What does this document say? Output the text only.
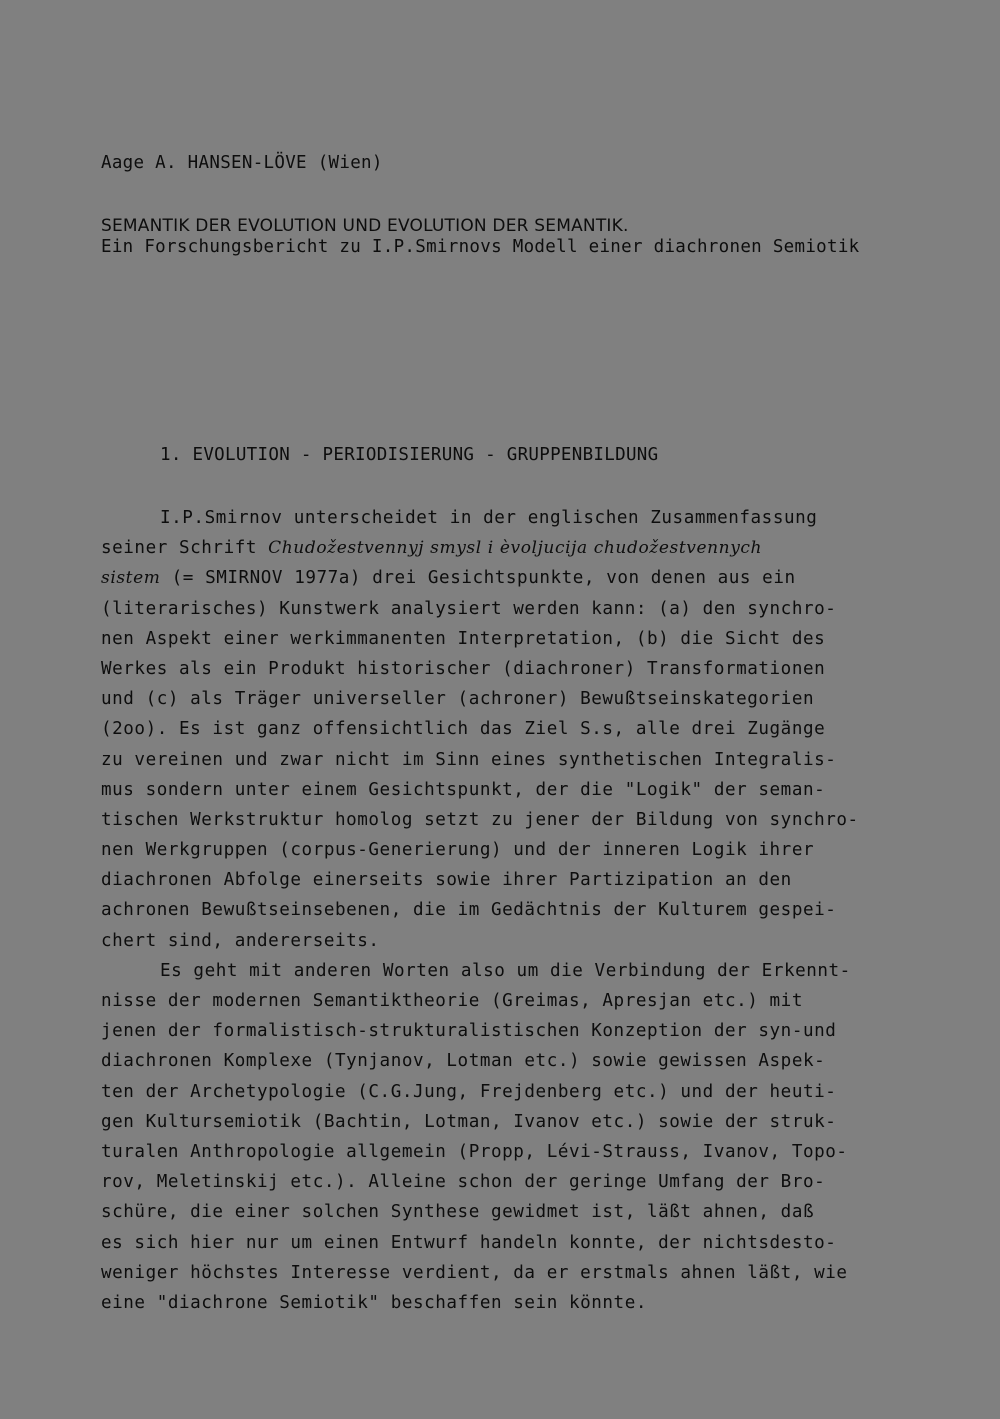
Aage A. HANSEN-LÖVE (Wien)
SEMANTIK DER EVOLUTION UND EVOLUTION DER SEMANTIK.
Ein Forschungsbericht zu I.P.Smirnovs Modell einer diachronen Semiotik
1. EVOLUTION - PERIODISIERUNG - GRUPPENBILDUNG
I.P.Smirnov unterscheidet in der englischen Zusammenfassung
seiner Schrift Chudožestvennyj smysl i èvoljucija chudožestvennych
sistem (= SMIRNOV 1977a) drei Gesichtspunkte, von denen aus ein
(literarisches) Kunstwerk analysiert werden kann: (a) den synchro-
nen Aspekt einer werkimmanenten Interpretation, (b) die Sicht des
Werkes als ein Produkt historischer (diachroner) Transformationen
und (c) als Träger universeller (achroner) Bewußtseinskategorien
(2oo). Es ist ganz offensichtlich das Ziel S.s, alle drei Zugänge
zu vereinen und zwar nicht im Sinn eines synthetischen Integralis-
mus sondern unter einem Gesichtspunkt, der die "Logik" der seman-
tischen Werkstruktur homolog setzt zu jener der Bildung von synchro-
nen Werkgruppen (corpus-Generierung) und der inneren Logik ihrer
diachronen Abfolge einerseits sowie ihrer Partizipation an den
achronen Bewußtseinsebenen, die im Gedächtnis der Kulturem gespei-
chert sind, andererseits.
Es geht mit anderen Worten also um die Verbindung der Erkennt-
nisse der modernen Semantiktheorie (Greimas, Apresjan etc.) mit
jenen der formalistisch-strukturalistischen Konzeption der syn-und
diachronen Komplexe (Tynjanov, Lotman etc.) sowie gewissen Aspek-
ten der Archetypologie (C.G.Jung, Frejdenberg etc.) und der heuti-
gen Kultursemiotik (Bachtin, Lotman, Ivanov etc.) sowie der struk-
turalen Anthropologie allgemein (Propp, Lévi-Strauss, Ivanov, Topo-
rov, Meletinskij etc.). Alleine schon der geringe Umfang der Bro-
schüre, die einer solchen Synthese gewidmet ist, läßt ahnen, daß
es sich hier nur um einen Entwurf handeln konnte, der nichtsdesto-
weniger höchstes Interesse verdient, da er erstmals ahnen läßt, wie
eine "diachrone Semiotik" beschaffen sein könnte.
